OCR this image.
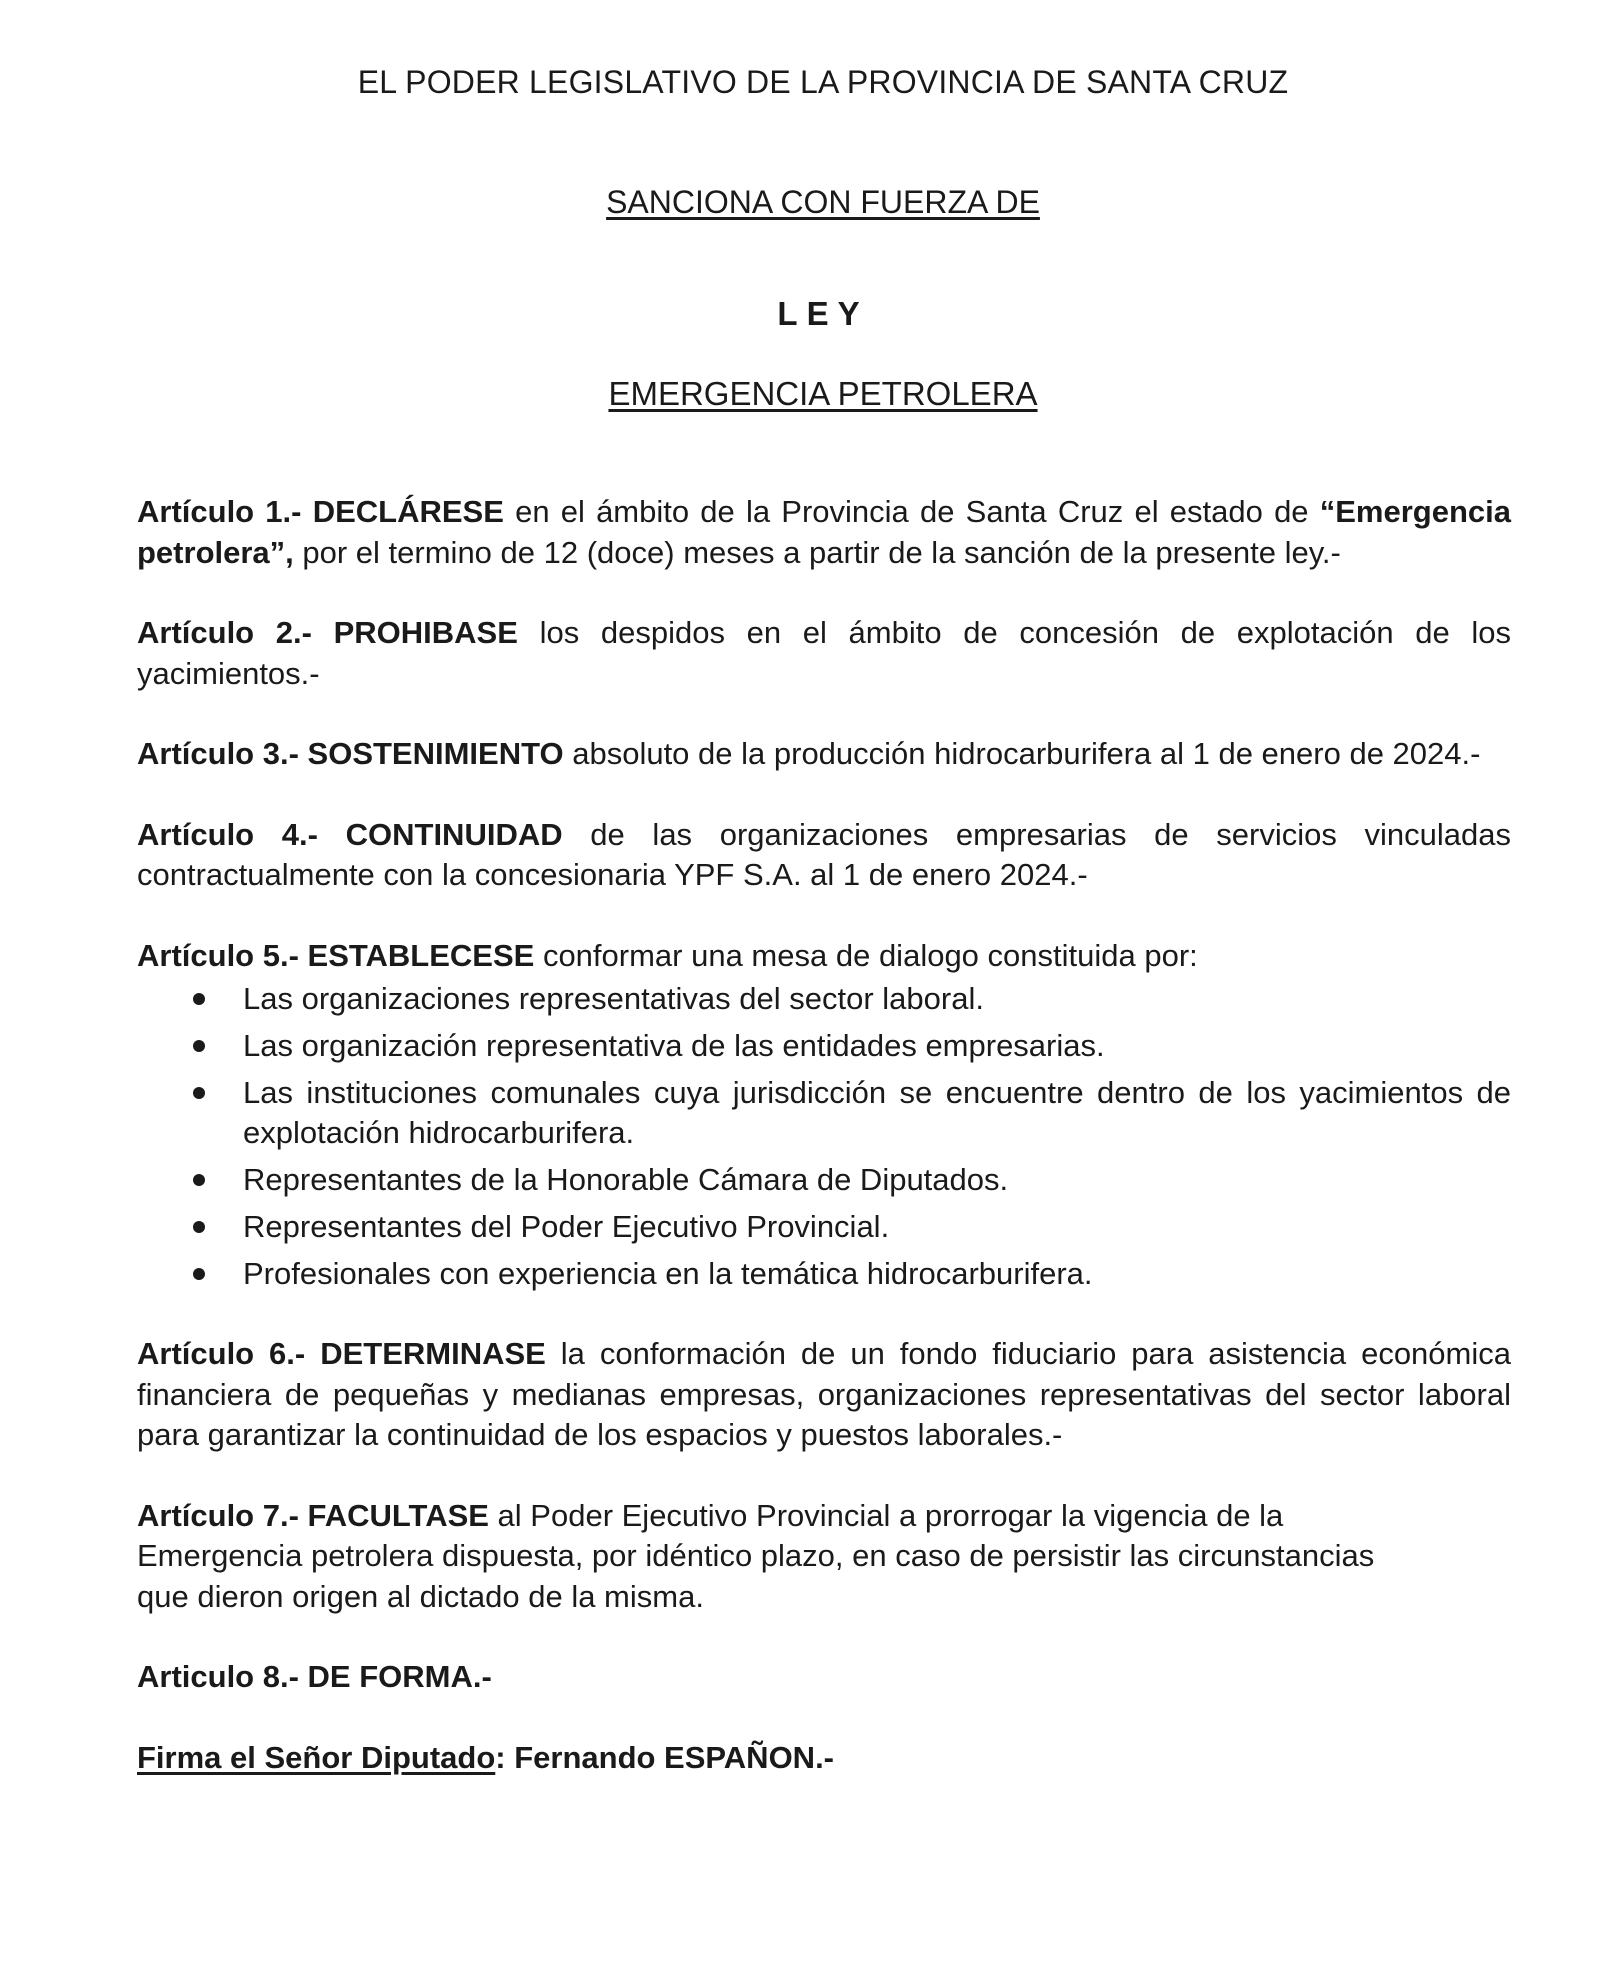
EL PODER LEGISLATIVO DE LA PROVINCIA DE SANTA CRUZ
SANCIONA CON FUERZA DE
LEY
EMERGENCIA PETROLERA

Artículo 1.- DECLÁRESE en el ámbito de la Provincia de Santa Cruz el estado de “Emergencia petrolera”, por el termino de 12 (doce) meses a partir de la sanción de la presente ley.-

Artículo 2.- PROHIBASE los despidos en el ámbito de concesión de explotación de los yacimientos.-

Artículo 3.- SOSTENIMIENTO absoluto de la producción hidrocarburifera al 1 de enero de 2024.-

Artículo 4.- CONTINUIDAD de las organizaciones empresarias de servicios vinculadas contractualmente con la concesionaria YPF S.A. al 1 de enero 2024.-

Artículo 5.- ESTABLECESE conformar una mesa de dialogo constituida por:

Las organizaciones representativas del sector laboral.
Las organización representativa de las entidades empresarias.
Las instituciones comunales cuya jurisdicción se encuentre dentro de los yacimientos de explotación hidrocarburifera.
Representantes de la Honorable Cámara de Diputados.
Representantes del Poder Ejecutivo Provincial.
Profesionales con experiencia en la temática hidrocarburifera.

Artículo 6.- DETERMINASE la conformación de un fondo fiduciario para asistencia económica financiera de pequeñas y medianas empresas, organizaciones representativas del sector laboral para garantizar la continuidad de los espacios y puestos laborales.-

Artículo 7.- FACULTASE al Poder Ejecutivo Provincial a prorrogar la vigencia de la Emergencia petrolera dispuesta, por idéntico plazo, en caso de persistir las circunstancias que dieron origen al dictado de la misma.

Articulo 8.- DE FORMA.-

Firma el Señor Diputado: Fernando ESPAÑON.-
